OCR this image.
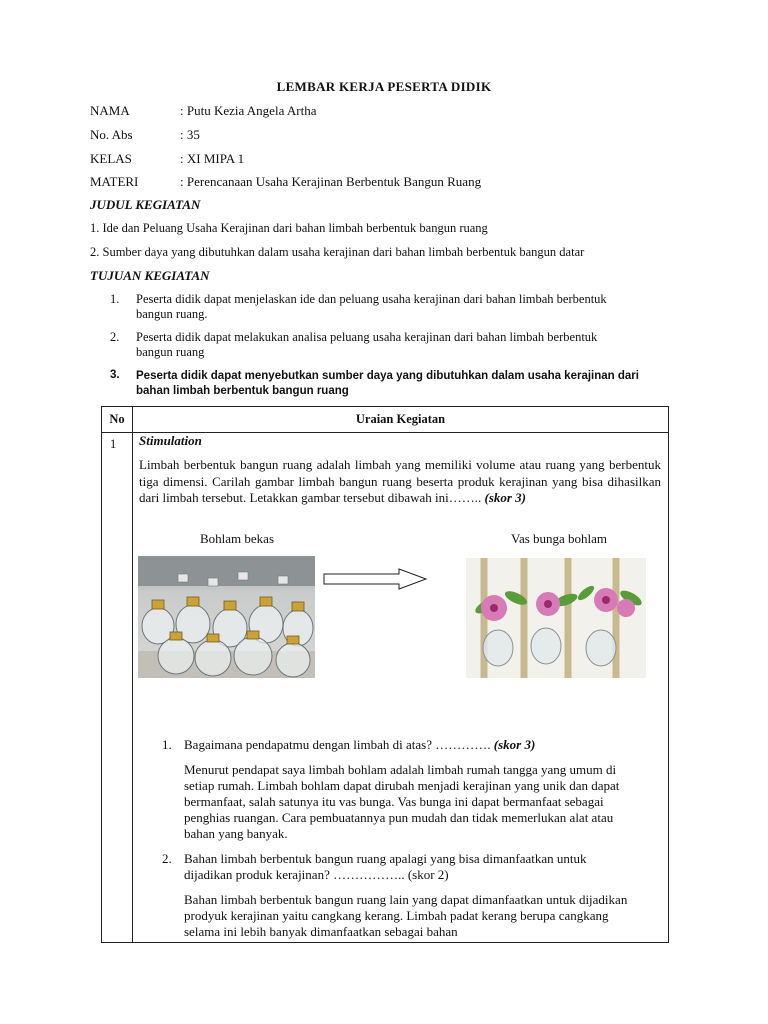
LEMBAR KERJA PESERTA DIDIK
NAMA	: Putu Kezia Angela Artha
No. Abs	: 35
KELAS	: XI MIPA 1
MATERI	: Perencanaan Usaha Kerajinan Berbentuk Bangun Ruang
JUDUL KEGIATAN
1. Ide dan Peluang Usaha Kerajinan dari bahan limbah berbentuk bangun ruang
2. Sumber daya yang dibutuhkan dalam usaha kerajinan dari bahan limbah berbentuk bangun datar
TUJUAN KEGIATAN
1. Peserta didik dapat menjelaskan ide dan peluang usaha kerajinan dari bahan limbah berbentuk
bangun ruang.
2. Peserta didik dapat melakukan analisa peluang usaha kerajinan dari bahan limbah berbentuk
bangun ruang
3. Peserta didik dapat menyebutkan sumber daya yang dibutuhkan dalam usaha kerajinan dari
bahan limbah berbentuk bangun ruang
No	Uraian Kegiatan
1	Stimulation
Limbah berbentuk bangun ruang adalah limbah yang memiliki volume atau ruang yang berbentuk tiga dimensi. Carilah gambar limbah bangun ruang beserta produk kerajinan yang bisa dihasilkan dari limbah tersebut. Letakkan gambar tersebut dibawah ini…….. (skor 3)
Bohlam bekas	Vas bunga bohlam
1. Bagaimana pendapatmu dengan limbah di atas? …………. (skor 3)
Menurut pendapat saya limbah bohlam adalah limbah rumah tangga yang umum di setiap rumah. Limbah bohlam dapat dirubah menjadi kerajinan yang unik dan dapat bermanfaat, salah satunya itu vas bunga. Vas bunga ini dapat bermanfaat sebagai penghias ruangan. Cara pembuatannya pun mudah dan tidak memerlukan alat atau bahan yang banyak.
2. Bahan limbah berbentuk bangun ruang apalagi yang bisa dimanfaatkan untuk
dijadikan produk kerajinan? …………….. (skor 2)
Bahan limbah berbentuk bangun ruang lain yang dapat dimanfaatkan untuk dijadikan prodyuk kerajinan yaitu cangkang kerang. Limbah padat kerang berupa cangkang selama ini lebih banyak dimanfaatkan sebagai bahan
